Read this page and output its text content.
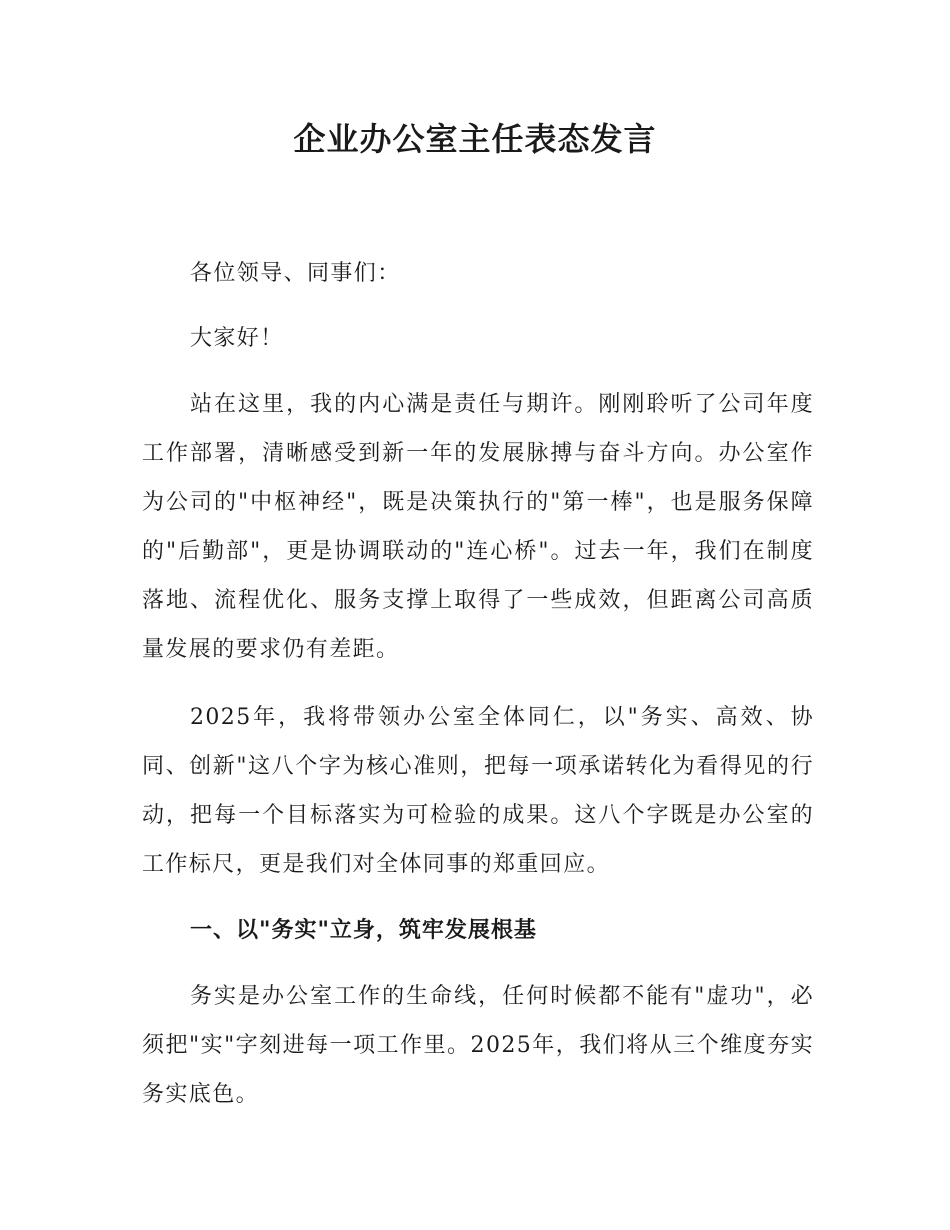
企业办公室主任表态发言

各位领导、同事们：

大家好！

站在这里，我的内心满是责任与期许。刚刚聆听了公司年度工作部署，清晰感受到新一年的发展脉搏与奋斗方向。办公室作为公司的"中枢神经"，既是决策执行的"第一棒"，也是服务保障的"后勤部"，更是协调联动的"连心桥"。过去一年，我们在制度落地、流程优化、服务支撑上取得了一些成效，但距离公司高质量发展的要求仍有差距。

2025年，我将带领办公室全体同仁，以"务实、高效、协同、创新"这八个字为核心准则，把每一项承诺转化为看得见的行动，把每一个目标落实为可检验的成果。这八个字既是办公室的工作标尺，更是我们对全体同事的郑重回应。

一、以"务实"立身，筑牢发展根基

务实是办公室工作的生命线，任何时候都不能有"虚功"，必须把"实"字刻进每一项工作里。2025年，我们将从三个维度夯实务实底色。
